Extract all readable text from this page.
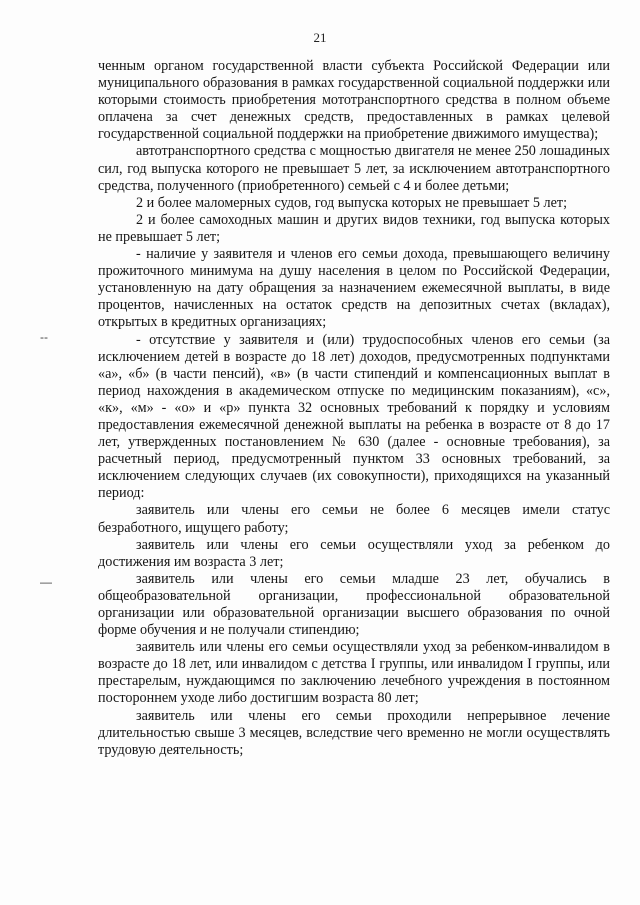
21
--
—

ченным органом государственной власти субъекта Российской Федерации или муниципального образования в рамках государственной социальной поддержки или которыми стоимость приобретения мототранспортного средства в полном объеме оплачена за счет денежных средств, предоставленных в рамках целевой государственной социальной поддержки на приобретение движимого имущества);

автотранспортного средства с мощностью двигателя не менее 250 лошадиных сил, год выпуска которого не превышает 5 лет, за исключением автотранспортного средства, полученного (приобретенного) семьей с 4 и более детьми;

2 и более маломерных судов, год выпуска которых не превышает 5 лет;

2 и более самоходных машин и других видов техники, год выпуска которых не превышает 5 лет;

- наличие у заявителя и членов его семьи дохода, превышающего величину прожиточного минимума на душу населения в целом по Российской Федерации, установленную на дату обращения за назначением ежемесячной выплаты, в виде процентов, начисленных на остаток средств на депозитных счетах (вкладах), открытых в кредитных организациях;

- отсутствие у заявителя и (или) трудоспособных членов его семьи (за исключением детей в возрасте до 18 лет) доходов, предусмотренных подпунктами «а», «б» (в части пенсий), «в» (в части стипендий и компенсационных выплат в период нахождения в академическом отпуске по медицинским показаниям), «с», «к», «м» - «о» и «р» пункта 32 основных требований к порядку и условиям предоставления ежемесячной денежной выплаты на ребенка в возрасте от 8 до 17 лет, утвержденных постановлением № 630 (далее - основные требования), за расчетный период, предусмотренный пунктом 33 основных требований, за исключением следующих случаев (их совокупности), приходящихся на указанный период:

заявитель или члены его семьи не более 6 месяцев имели статус безработного, ищущего работу;

заявитель или члены его семьи осуществляли уход за ребенком до достижения им возраста 3 лет;

заявитель или члены его семьи младше 23 лет, обучались в общеобразовательной организации, профессиональной образовательной организации или образовательной организации высшего образования по очной форме обучения и не получали стипендию;

заявитель или члены его семьи осуществляли уход за ребенком-инвалидом в возрасте до 18 лет, или инвалидом с детства I группы, или инвалидом I группы, или престарелым, нуждающимся по заключению лечебного учреждения в постоянном постороннем уходе либо достигшим возраста 80 лет;

заявитель или члены его семьи проходили непрерывное лечение длительностью свыше 3 месяцев, вследствие чего временно не могли осуществлять трудовую деятельность;
